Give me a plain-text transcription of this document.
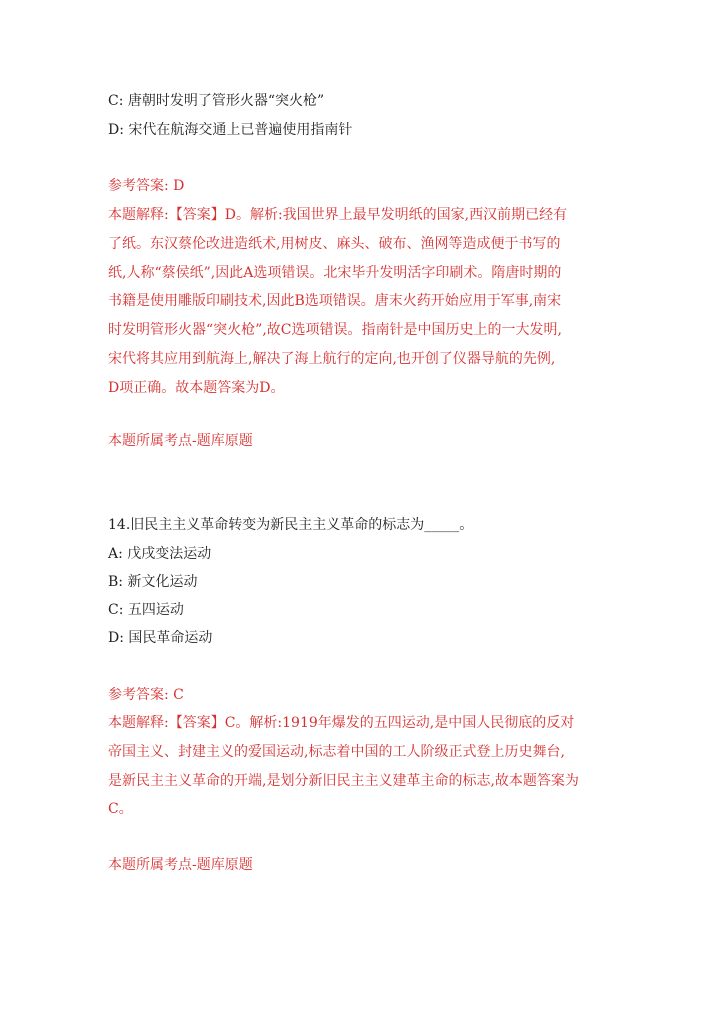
C: 唐朝时发明了管形火器“突火枪”
D: 宋代在航海交通上已普遍使用指南针
参考答案: D
本题解释:【答案】D。解析:我国世界上最早发明纸的国家,西汉前期已经有
了纸。东汉蔡伦改进造纸术,用树皮、麻头、破布、渔网等造成便于书写的
纸,人称“蔡侯纸”,因此A选项错误。北宋毕升发明活字印刷术。隋唐时期的
书籍是使用雕版印刷技术,因此B选项错误。唐末火药开始应用于军事,南宋
时发明管形火器“突火枪”,故C选项错误。指南针是中国历史上的一大发明,
宋代将其应用到航海上,解决了海上航行的定向,也开创了仪器导航的先例,
D项正确。故本题答案为D。
本题所属考点-题库原题
14.旧民主主义革命转变为新民主主义革命的标志为_____。
A: 戊戌变法运动
B: 新文化运动
C: 五四运动
D: 国民革命运动
参考答案: C
本题解释:【答案】C。解析:1919年爆发的五四运动,是中国人民彻底的反对
帝国主义、封建主义的爱国运动,标志着中国的工人阶级正式登上历史舞台,
是新民主主义革命的开端,是划分新旧民主主义建革主命的标志,故本题答案为
C。
本题所属考点-题库原题
